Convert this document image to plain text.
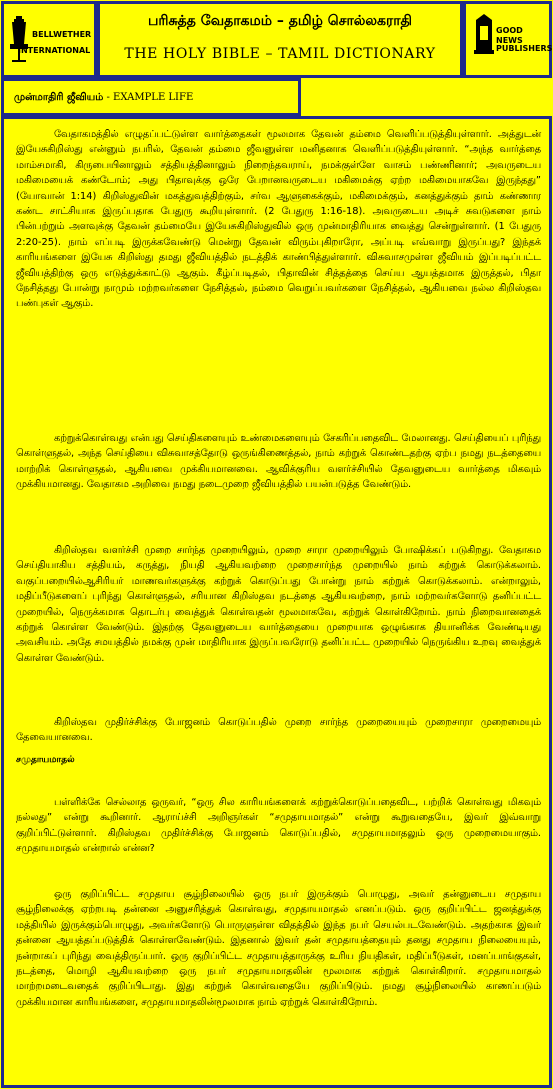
BELLWETHER
INTERNATIONAL
பரிசுத்த வேதாகமம் – தமிழ் சொல்லகராதி
THE HOLY BIBLE – TAMIL DICTIONARY
GOOD NEWS
PUBLISHERS
முன்மாதிரி ஜீவியம் - EXAMPLE LIFE
வேதாகமத்தில் எழுதப்பட்டுள்ள வார்த்தைகள் மூலமாக தேவன் தம்மை வெளிப்படுத்தியுள்ளார். அத்துடன் இயேசுகிறிஸ்து என்னும் நபரில், தேவன் தம்மை ஜீவனுள்ள மனிதனாக வெளிப்படுத்தியுள்ளார். “அந்த வார்த்தை மாம்சமாகி, கிருபையினாலும் சத்தியத்தினாலும் நிறைந்தவராய், நமக்குள்ளே வாசம் பண்ணினார்; அவருடைய மகிமையைக் கண்டோம்; அது பிதாவுக்கு ஒரே பேறானவருடைய மகிமைக்கு ஏற்ற மகிமையாகவே இருந்தது” (யோவான் 1:14) கிறிஸ்துவின் மகத்துவத்திற்கும், சர்வ ஆளுகைக்கும், மகிமைக்கும், கனத்துக்கும் தாம் கண்ணார கண்ட சாட்சியாக இருப்பதாக பேதுரு கூறியுள்ளார். (2 பேதுரு 1:16-18). அவருடைய அடிச் சுவடுகளை நாம் பின்பற்றும் அளவுக்கு தேவன் தம்மையே இயேசுகிறிஸ்துவில் ஒரு முன்மாதிரியாக வைத்து சென்றுள்ளார். (1 பேதுரு 2:20-25). நாம் எப்படி இருக்கவேண்டு மென்று தேவன் விரும்புகிறாரோ, அப்படி எவ்வாறு இருப்பது? இந்தக் காரியங்களை இயேசு கிறிஸ்து தமது ஜீவியத்தில் நடத்திக் காண்பித்துள்ளார். விசுவாசமுள்ள ஜீவியம் இப்படிப்பட்ட ஜீவியத்திற்கு ஒரு எடுத்துக்காட்டு ஆகும். கீழ்ப்படிதல், பிதாவின் சித்தத்தை செய்ய ஆயத்தமாக இருத்தல், பிதா நேசித்தது போன்று நாமும் மற்றவர்களை நேசித்தல், நம்மை வெறுப்பவர்களை நேசித்தல், ஆகியவை நல்ல கிறிஸ்தவ பண்புகள் ஆகும்.
கற்றுக்கொள்வது என்பது செய்திகளையும் உண்மைகளையும் சேகரிப்பதைவிட மேலானது. செய்தியைப் புரிந்து கொள்ளுதல், அந்த செய்தியை விசுவாசத்தோடு ஒருங்கிணைத்தல், நாம் கற்றுக் கொண்டதற்கு ஏற்ப நமது நடத்தையை மாற்றிக் கொள்ளுதல், ஆகியவை முக்கியமானவை. ஆவிக்குரிய வளர்ச்சியில் தேவனுடைய வார்த்தை மிகவும் முக்கியமானது. வேதாகம அறிவை நமது நடைமுறை ஜீவியத்தில் பயன்படுத்த வேண்டும்.
கிறிஸ்தவ வளர்ச்சி முறை சார்ந்த முறையிலும், முறை சாரா முறையிலும் போஷிக்கப் படுகிறது. வேதாகம செய்தியாகிய சத்தியம், கருத்து, நியதி ஆகியவற்றை முறைசார்ந்த முறையில் நாம் கற்றுக் கொடுக்கலாம். வகுப்பறையில்ஆசிரியர் மாணவர்களுக்கு கற்றுக் கொடுப்பது போன்று நாம் கற்றுக் கொடுக்கலாம். என்றாலும், மதிப்பீடுகளைப் புரிந்து கொள்ளுதல், சரியான கிறிஸ்தவ நடத்தை ஆகியவற்றை, நாம் மற்றவர்களோடு தனிப்பட்ட முறையில், நெருக்கமாக தொடர்பு வைத்துக் கொள்வதன் மூலமாகவே, கற்றுக் கொள்கிறோம். நாம் நிறைவானதைக் கற்றுக் கொள்ள வேண்டும். இதற்கு தேவனுடைய வார்த்தையை முறையாக ஒழுங்காக தியானிக்க வேண்டியது அவசியம். அதே சமயத்தில் நமக்கு முன் மாதிரியாக இருப்பவரோடு தனிப்பட்ட முறையில் நெருங்கிய உறவு வைத்துக் கொள்ள வேண்டும்.
கிறிஸ்தவ முதிர்ச்சிக்கு போஜனம் கொடுப்பதில் முறை சார்ந்த முறையையும் முறைசாரா முறைமையும் தேவையானவை.
சமுதாயமாதல்
பள்ளிக்கே செல்லாத ஒருவர், “ஒரு சில காரியங்களைக் கற்றுக்கொடுப்பதைவிட, பற்றிக் கொள்வது மிகவும் நல்லது” என்று கூறினார். ஆராய்ச்சி அறிஞர்கள் “சமுதாயமாதல்” என்று கூறுவதையே, இவர் இவ்வாறு குறிப்பிட்டுள்ளார். கிறிஸ்தவ முதிர்ச்சிக்கு போஜனம் கொடுப்பதில், சமுதாயமாதலும் ஒரு முறைமையாகும். சமுதாயமாதல் என்றால் என்ன?
ஒரு குறிப்பிட்ட சமுதாய சூழ்நிலையில் ஒரு நபர் இருக்கும் பொழுது, அவர் தன்னுடைய சமுதாய சூழ்நிலைக்கு ஏற்றபடி தன்னை அனுசரித்துக் கொள்வது, சமுதாயமாதல் எனப்படும். ஒரு குறிப்பிட்ட ஜனத்துக்கு மத்தியில் இருக்கும்பொழுது, அவர்களோடு பொருளுள்ள விதத்தில் இந்த நபர் செயல்படவேண்டும். அதற்காக இவர் தன்னை ஆயத்தப்படுத்திக் கொள்ளவேண்டும். இதனால் இவர் தன் சமுதாயத்தையும் தனது சமுதாய நிலையையும், நன்றாகப் புரிந்து வைத்திருப்பார். ஒரு குறிப்பிட்ட சமுதாயத்தாருக்கு உரிய நியதிகள், மதிப்பீடுகள், மனப்பாங்குகள், நடத்தை, மொழி ஆகியவற்றை ஒரு நபர் சமுதாயமாதலின் மூலமாக கற்றுக் கொள்கிறார். சமுதாயமாதல் மாற்றமடைவதைக் குறிப்பிடாது. இது கற்றுக் கொள்வதையே குறிப்பிடும். நமது சூழ்நிலையில் காணப்படும் முக்கியமான காரியங்களை, சமுதாயமாதலின்மூலமாக நாம் ஏற்றுக் கொள்கிறோம்.
